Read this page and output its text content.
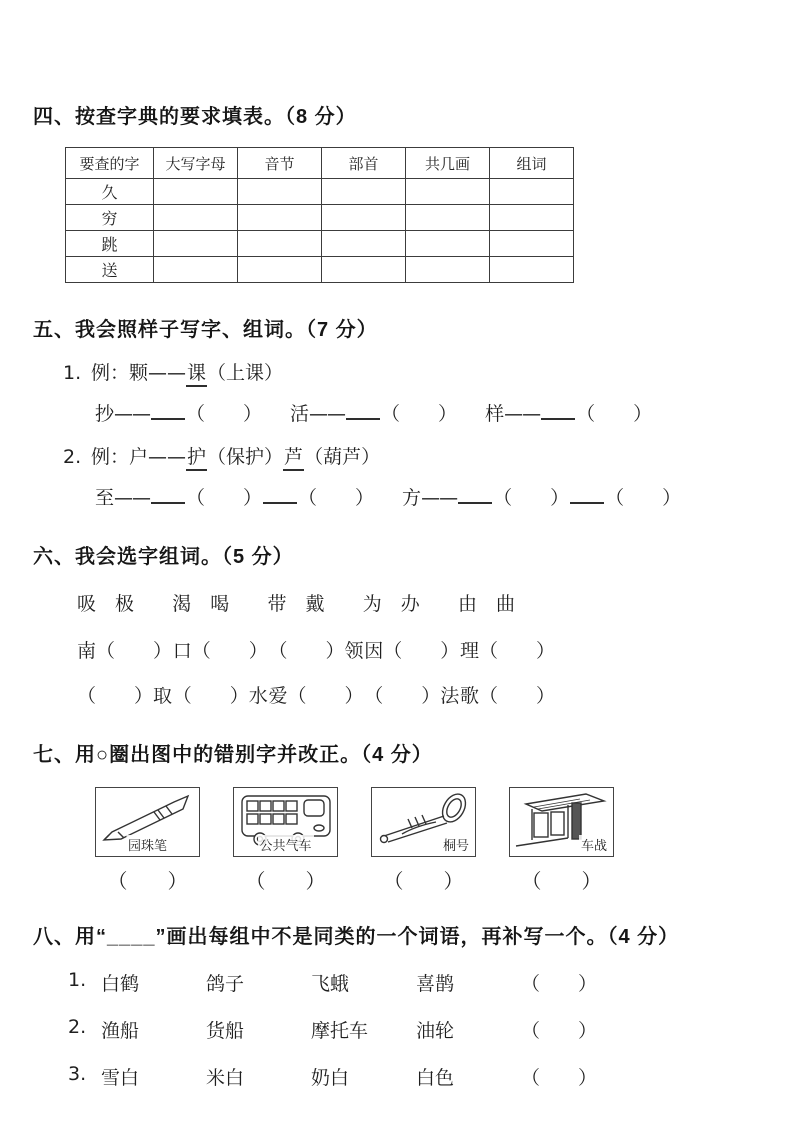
四、按查字典的要求填表。（8 分）
要查的字	大写字母	音节	部首	共几画	组词
久					
穷					
跳					
送					
五、我会照样子写字、组词。（7 分）
1. 例：颗——课（上课）
抄—— （　　） 活—— （　　） 样—— （　　）
2. 例：户——护（保护）芦（葫芦）
至—— （　　） （　　） 方—— （　　） （　　）
六、我会选字组词。（5 分）
吸　极 渴　喝 带　戴 为　办 由　曲
南（　　） 口（　　） （　　）领 因（　　） 理（　　）
（　　）取 （　　）水 爱（　　） （　　）法 歌（　　）
七、用○圈出图中的错别字并改正。（4 分）
园珠笔	公共气车	桐号	车战
（　　）	（　　）	（　　）	（　　）
八、用“____”画出每组中不是同类的一个词语，再补写一个。（4 分）
1. 白鹤	鸽子	飞蛾	喜鹊	（　　）
2. 渔船	货船	摩托车	油轮	（　　）
3. 雪白	米白	奶白	白色	（　　）
